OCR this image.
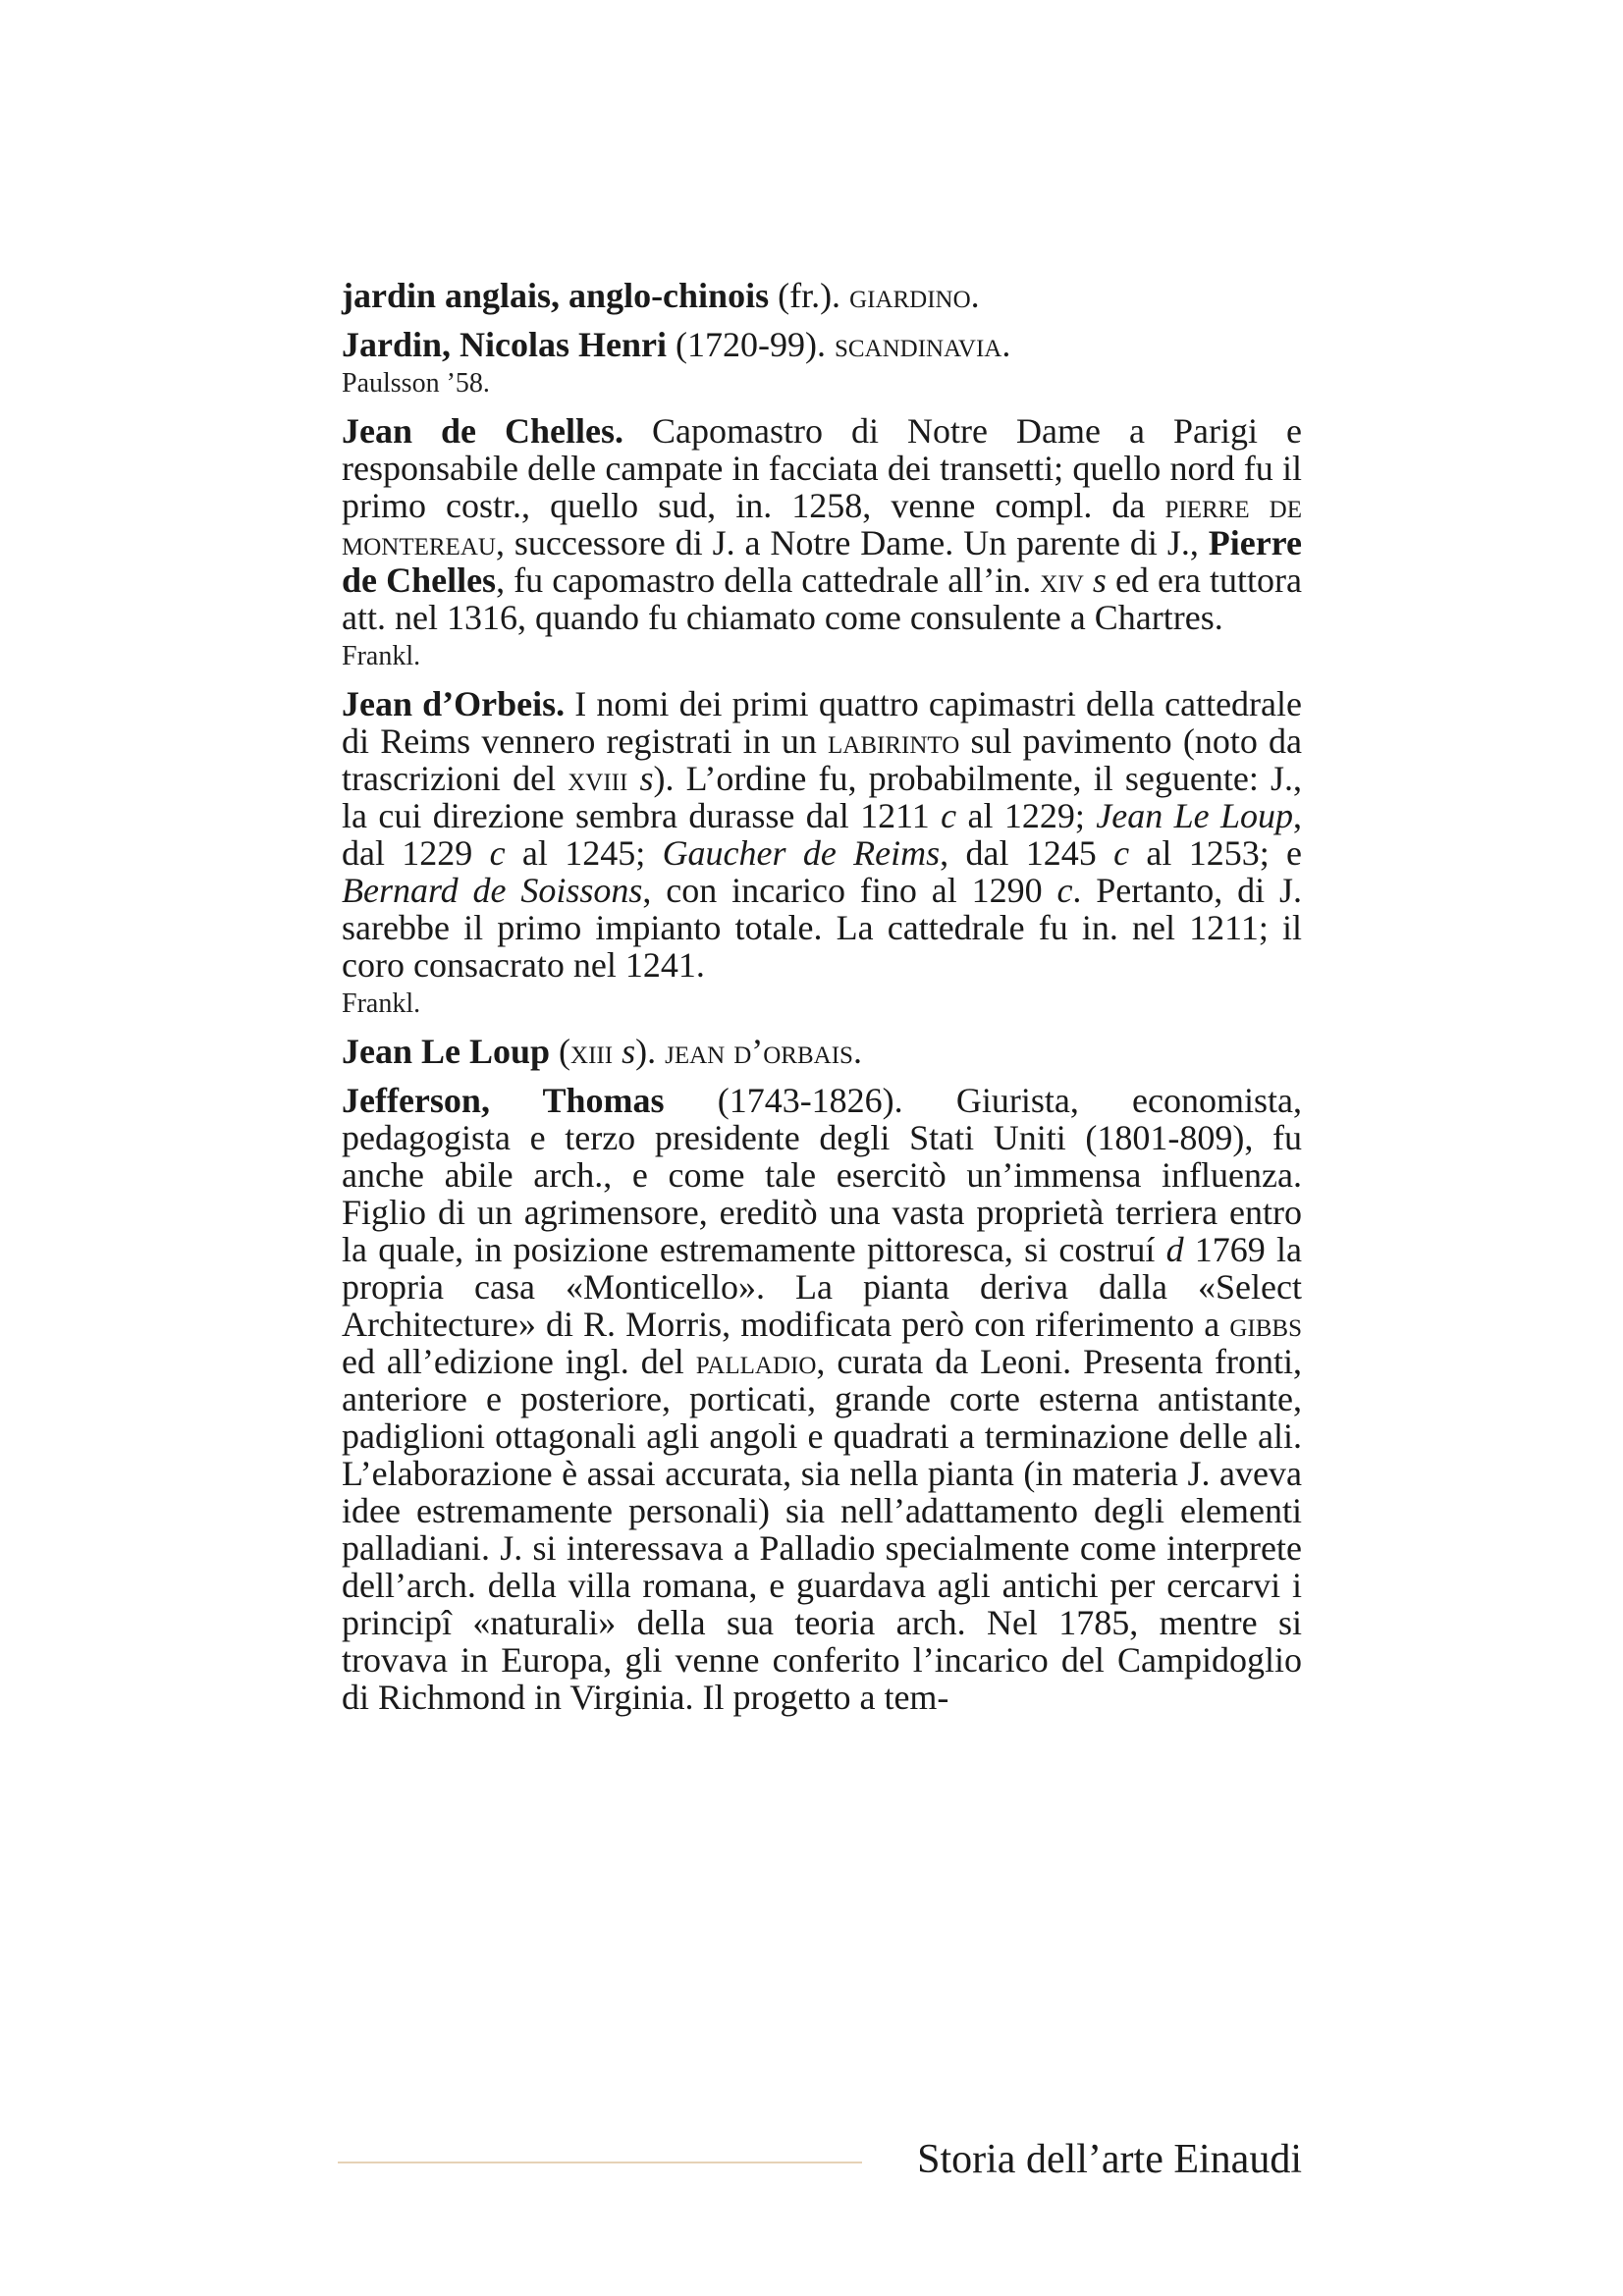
jardin anglais, anglo-chinois (fr.). giardino.

Jardin, Nicolas Henri (1720-99). scandinavia.

Paulsson ’58.

Jean de Chelles. Capomastro di Notre Dame a Parigi e responsabile delle campate in facciata dei transetti; quello nord fu il primo costr., quello sud, in. 1258, venne compl. da pierre de montereau, successore di J. a Notre Dame. Un parente di J., Pierre de Chelles, fu capomastro della cattedrale all’in. xiv s ed era tuttora att. nel 1316, quando fu chiamato come consulente a Chartres.

Frankl.

Jean d’Orbeis. I nomi dei primi quattro capimastri della cattedrale di Reims vennero registrati in un labirinto sul pavimento (noto da trascrizioni del xviii s). L’ordine fu, probabilmente, il seguente: J., la cui direzione sembra durasse dal 1211 c al 1229; Jean Le Loup, dal 1229 c al 1245; Gaucher de Reims, dal 1245 c al 1253; e Bernard de Soissons, con incarico fino al 1290 c. Pertanto, di J. sarebbe il primo impianto totale. La cattedrale fu in. nel 1211; il coro consacrato nel 1241.

Frankl.

Jean Le Loup (xiii s). jean d’orbais.

Jefferson, Thomas (1743-1826). Giurista, economista, pedagogista e terzo presidente degli Stati Uniti (1801-809), fu anche abile arch., e come tale esercitò un’immensa influenza. Figlio di un agrimensore, ereditò una vasta proprietà terriera entro la quale, in posizione estremamente pittoresca, si costruí d 1769 la propria casa «Monticello». La pianta deriva dalla «Select Architecture» di R. Morris, modificata però con riferimento a gibbs ed all’edizione ingl. del palladio, curata da Leoni. Presenta fronti, anteriore e posteriore, porticati, grande corte esterna antistante, padiglioni ottagonali agli angoli e quadrati a terminazione delle ali. L’elaborazione è assai accurata, sia nella pianta (in materia J. aveva idee estremamente personali) sia nell’adattamento degli elementi palladiani. J. si interessava a Palladio specialmente come interprete dell’arch. della villa romana, e guardava agli antichi per cercarvi i principî «naturali» della sua teoria arch. Nel 1785, mentre si trovava in Europa, gli venne conferito l’incarico del Campidoglio di Richmond in Virginia. Il progetto a tem-

Storia dell’arte Einaudi
